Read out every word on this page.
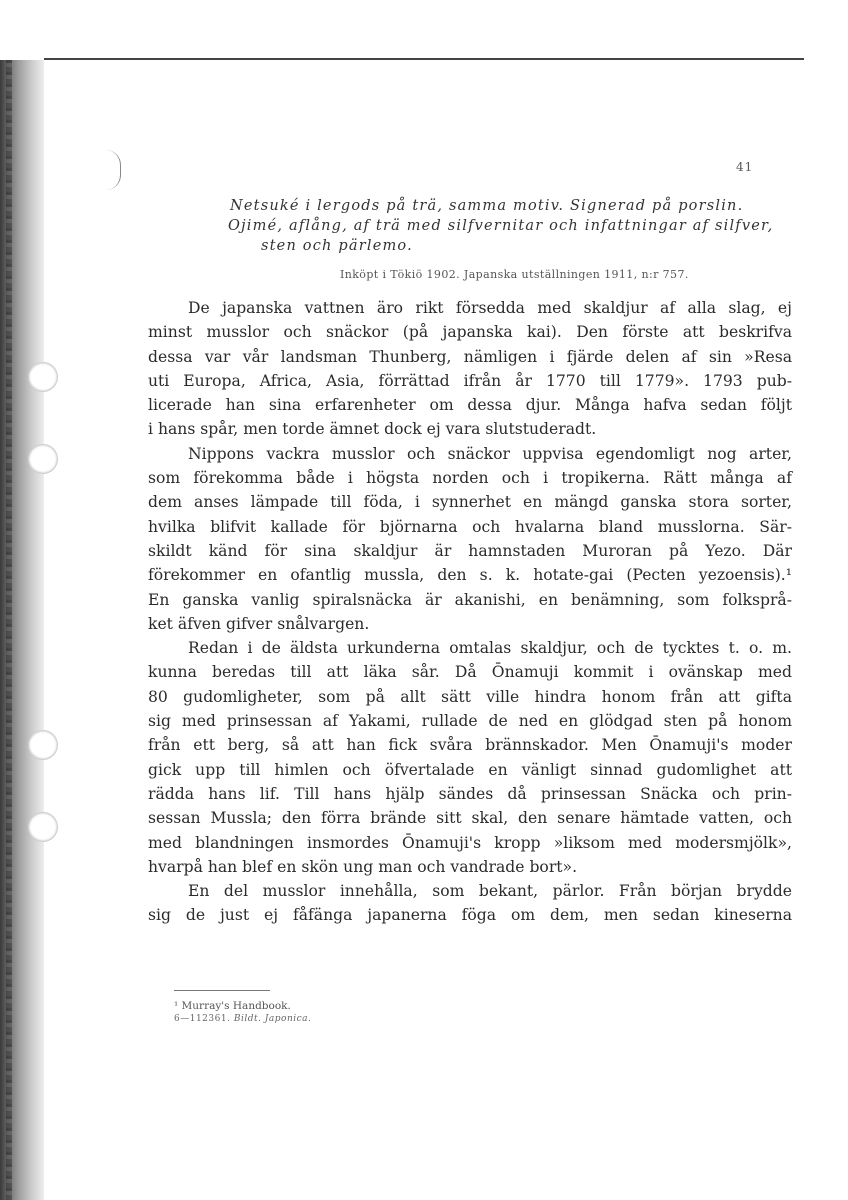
41
Netsuké i lergods på trä, samma motiv. Signerad på porslin.
Ojimé, aflång, af trä med silfvernitar och infattningar af silfver,
sten och pärlemo.
Inköpt i Tökiö 1902. Japanska utställningen 1911, n:r 757.
De japanska vattnen äro rikt försedda med skaldjur af alla slag, ej
minst musslor och snäckor (på japanska kai). Den förste att beskrifva
dessa var vår landsman Thunberg, nämligen i fjärde delen af sin »Resa
uti Europa, Africa, Asia, förrättad ifrån år 1770 till 1779». 1793 pub-
licerade han sina erfarenheter om dessa djur. Många hafva sedan följt
i hans spår, men torde ämnet dock ej vara slutstuderadt.
Nippons vackra musslor och snäckor uppvisa egendomligt nog arter,
som förekomma både i högsta norden och i tropikerna. Rätt många af
dem anses lämpade till föda, i synnerhet en mängd ganska stora sorter,
hvilka blifvit kallade för björnarna och hvalarna bland musslorna. Sär-
skildt känd för sina skaldjur är hamnstaden Muroran på Yezo. Där
förekommer en ofantlig mussla, den s. k. hotate-gai (Pecten yezoensis).¹
En ganska vanlig spiralsnäcka är akanishi, en benämning, som folksprå-
ket äfven gifver snålvargen.
Redan i de äldsta urkunderna omtalas skaldjur, och de tycktes t. o. m.
kunna beredas till att läka sår. Då Ōnamuji kommit i ovänskap med
80 gudomligheter, som på allt sätt ville hindra honom från att gifta
sig med prinsessan af Yakami, rullade de ned en glödgad sten på honom
från ett berg, så att han fick svåra brännskador. Men Ōnamuji's moder
gick upp till himlen och öfvertalade en vänligt sinnad gudomlighet att
rädda hans lif. Till hans hjälp sändes då prinsessan Snäcka och prin-
sessan Mussla; den förra brände sitt skal, den senare hämtade vatten, och
med blandningen insmordes Ōnamuji's kropp »liksom med modersmjölk»,
hvarpå han blef en skön ung man och vandrade bort».
En del musslor innehålla, som bekant, pärlor. Från början brydde
sig de just ej fåfänga japanerna föga om dem, men sedan kineserna
¹ Murray's Handbook.
6—112361. Bildt. Japonica.
